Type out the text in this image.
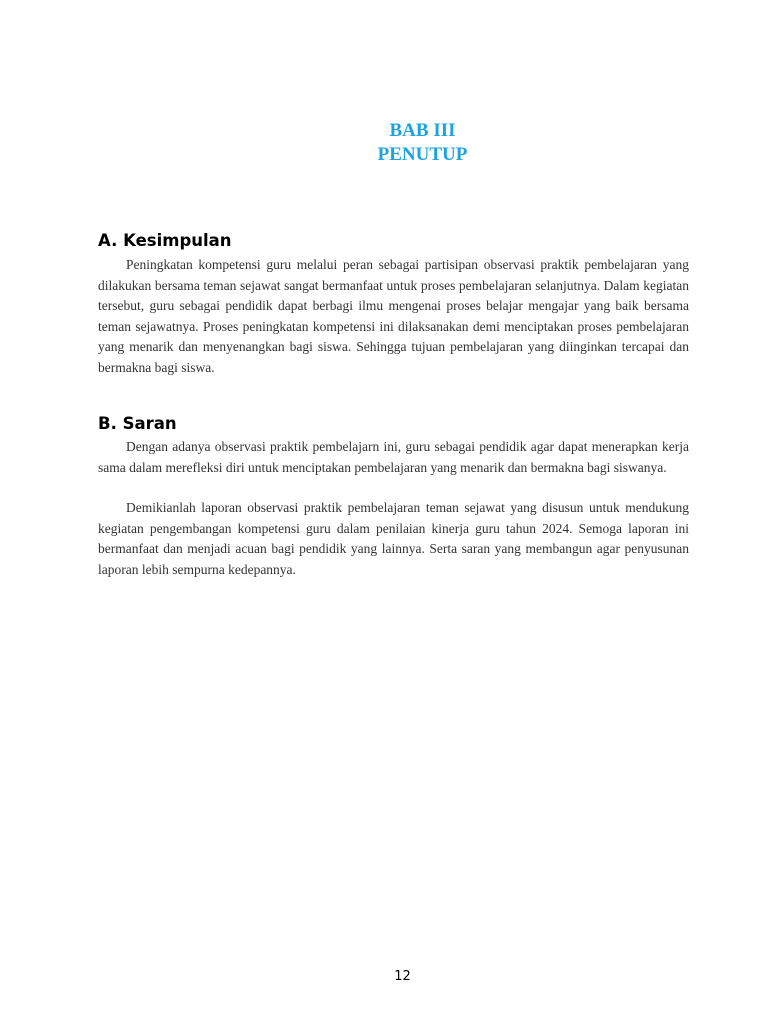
BAB III
PENUTUP
A. Kesimpulan

Peningkatan kompetensi guru melalui peran sebagai partisipan observasi praktik pembelajaran yang dilakukan bersama teman sejawat sangat bermanfaat untuk proses pembelajaran selanjutnya. Dalam kegiatan tersebut, guru sebagai pendidik dapat berbagi ilmu mengenai proses belajar mengajar yang baik bersama teman sejawatnya. Proses peningkatan kompetensi ini dilaksanakan demi menciptakan proses pembelajaran yang menarik dan menyenangkan bagi siswa. Sehingga tujuan pembelajaran yang diinginkan tercapai dan bermakna bagi siswa.

B. Saran

Dengan adanya observasi praktik pembelajarn ini, guru sebagai pendidik agar dapat menerapkan kerja sama dalam merefleksi diri untuk menciptakan pembelajaran yang menarik dan bermakna bagi siswanya.

Demikianlah laporan observasi praktik pembelajaran teman sejawat yang disusun untuk mendukung kegiatan pengembangan kompetensi guru dalam penilaian kinerja guru tahun 2024. Semoga laporan ini bermanfaat dan menjadi acuan bagi pendidik yang lainnya. Serta saran yang membangun agar penyusunan laporan lebih sempurna kedepannya.

12
